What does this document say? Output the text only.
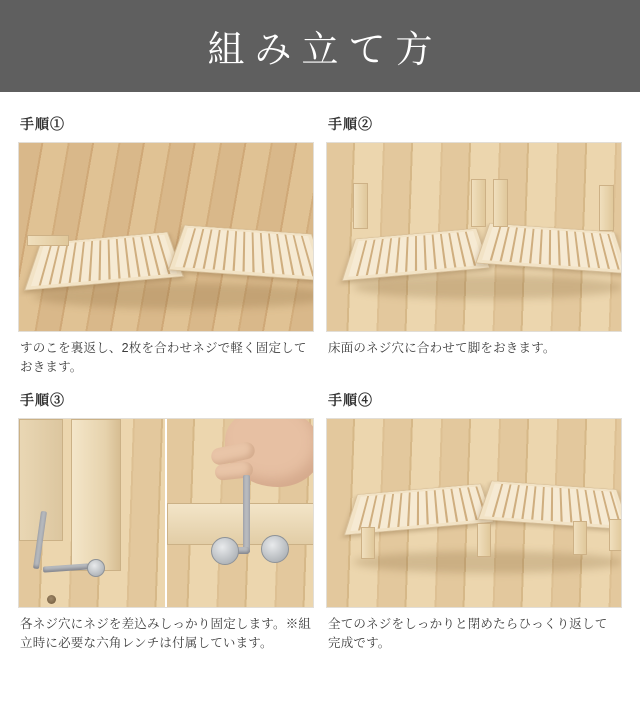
組み立て方
手順①
すのこを裏返し、2枚を合わせネジで軽く固定しておきます。
手順②
床面のネジ穴に合わせて脚をおきます。
手順③
各ネジ穴にネジを差込みしっかり固定します。※組立時に必要な六角レンチは付属しています。
手順④
全てのネジをしっかりと閉めたらひっくり返して完成です。
